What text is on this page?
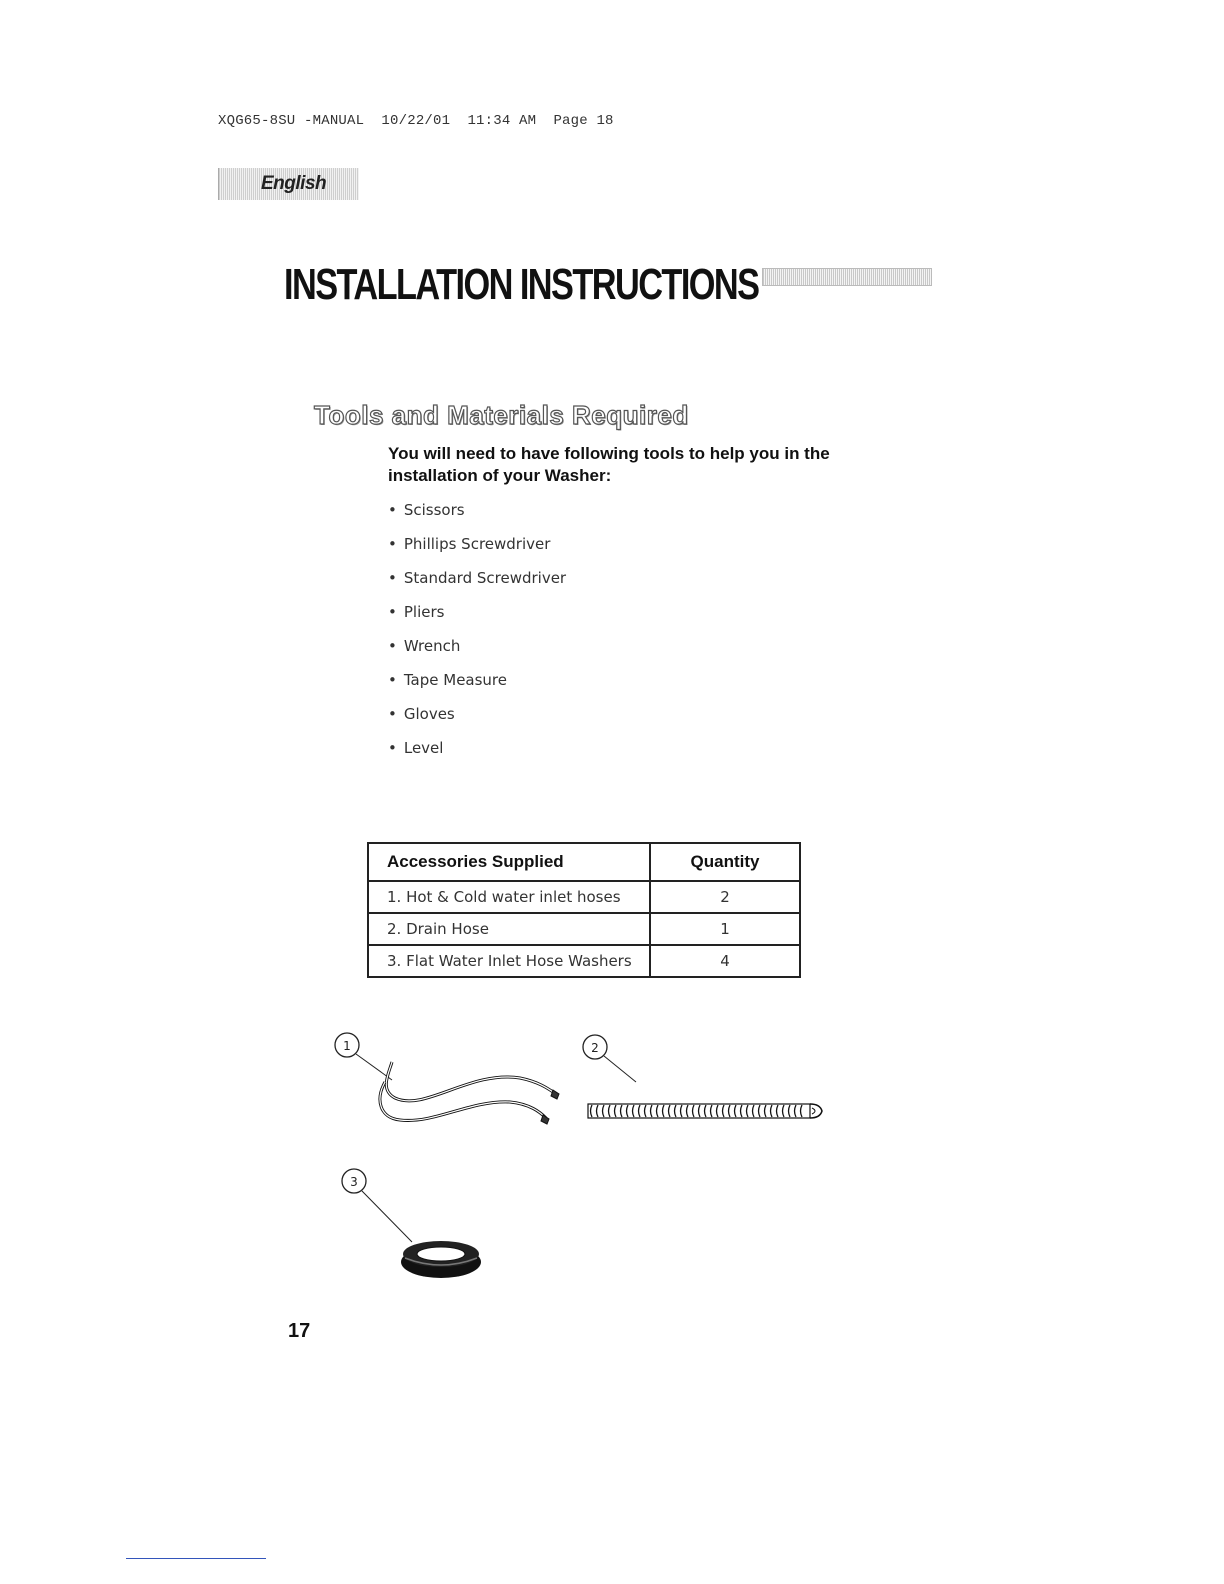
XQG65-8SU -MANUAL  10/22/01  11:34 AM  Page 18
English
INSTALLATION INSTRUCTIONS
Tools and Materials Required
You will need to have following tools to help you in the installation of your Washer:
• Scissors
• Phillips Screwdriver
• Standard Screwdriver
• Pliers
• Wrench
• Tape Measure
• Gloves
• Level
Accessories Supplied	Quantity
1. Hot & Cold water inlet hoses	2
2. Drain Hose	1
3. Flat Water Inlet Hose Washers	4
1	2
3
17
